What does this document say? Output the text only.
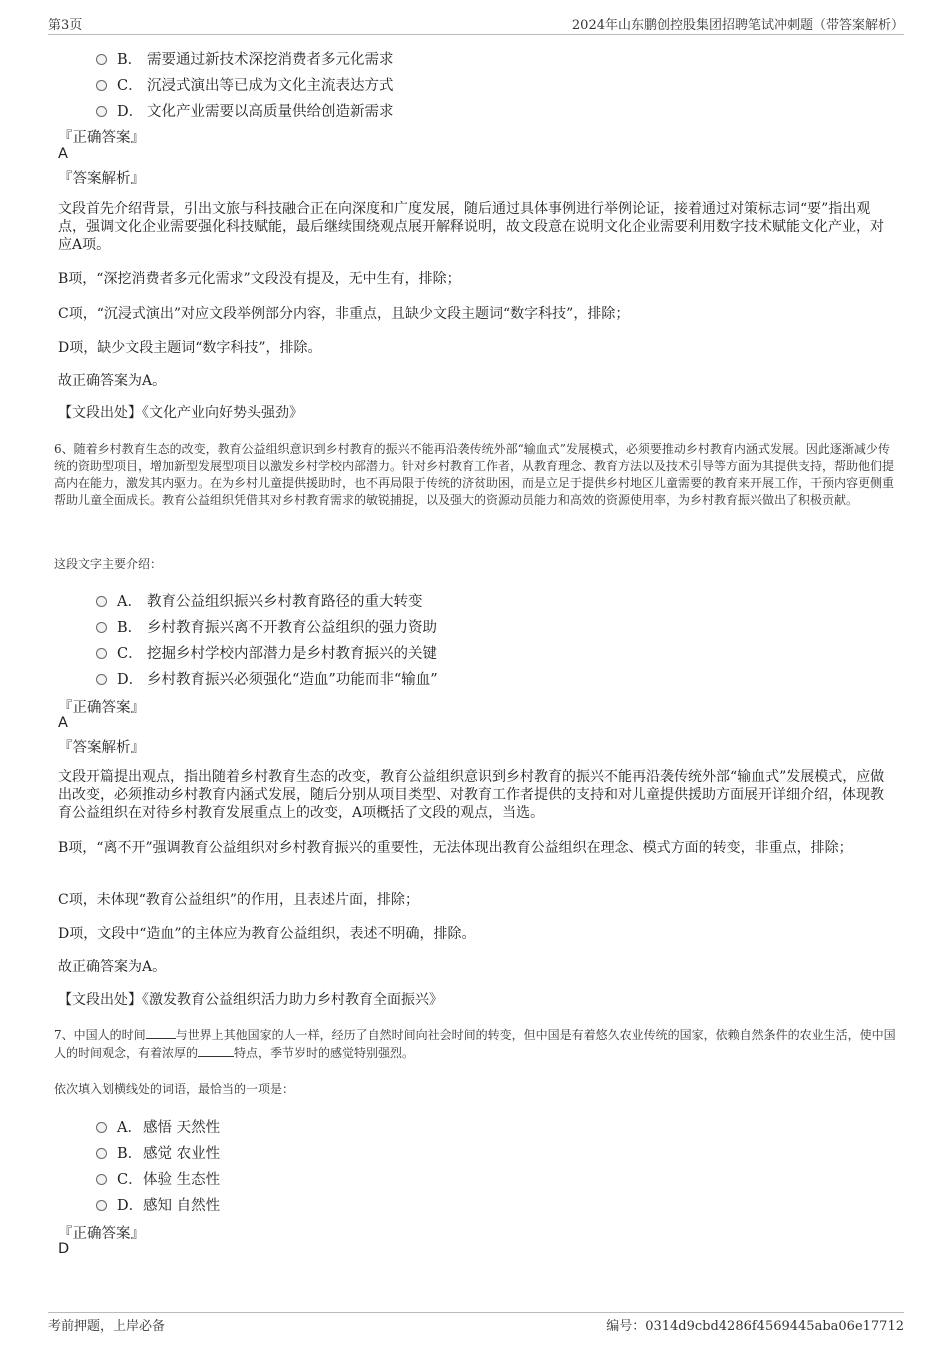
第3页	2024年山东鹏创控股集团招聘笔试冲刺题（带答案解析）
B． 需要通过新技术深挖消费者多元化需求
C． 沉浸式演出等已成为文化主流表达方式
D． 文化产业需要以高质量供给创造新需求
『正确答案』
A
『答案解析』
文段首先介绍背景，引出文旅与科技融合正在向深度和广度发展，随后通过具体事例进行举例论证，接着通过对策标志词“要”指出观点，强调文化企业需要强化科技赋能，最后继续围绕观点展开解释说明，故文段意在说明文化企业需要利用数字技术赋能文化产业，对应A项。
B项，“深挖消费者多元化需求”文段没有提及，无中生有，排除；
C项，“沉浸式演出”对应文段举例部分内容，非重点，且缺少文段主题词“数字科技”，排除；
D项，缺少文段主题词“数字科技”，排除。
故正确答案为A。
【文段出处】《文化产业向好势头强劲》
6、随着乡村教育生态的改变，教育公益组织意识到乡村教育的振兴不能再沿袭传统外部“输血式”发展模式，必须要推动乡村教育内涵式发展。因此逐渐减少传统的资助型项目，增加新型发展型项目以激发乡村学校内部潜力。针对乡村教育工作者，从教育理念、教育方法以及技术引导等方面为其提供支持，帮助他们提高内在能力，激发其内驱力。在为乡村儿童提供援助时，也不再局限于传统的济贫助困，而是立足于提供乡村地区儿童需要的教育来开展工作，干预内容更侧重帮助儿童全面成长。教育公益组织凭借其对乡村教育需求的敏锐捕捉，以及强大的资源动员能力和高效的资源使用率，为乡村教育振兴做出了积极贡献。
这段文字主要介绍：
A． 教育公益组织振兴乡村教育路径的重大转变
B． 乡村教育振兴离不开教育公益组织的强力资助
C． 挖掘乡村学校内部潜力是乡村教育振兴的关键
D． 乡村教育振兴必须强化“造血”功能而非“输血”
『正确答案』
A
『答案解析』
文段开篇提出观点，指出随着乡村教育生态的改变，教育公益组织意识到乡村教育的振兴不能再沿袭传统外部“输血式”发展模式，应做出改变，必须推动乡村教育内涵式发展，随后分别从项目类型、对教育工作者提供的支持和对儿童提供援助方面展开详细介绍，体现教育公益组织在对待乡村教育发展重点上的改变，A项概括了文段的观点，当选。
B项，“离不开”强调教育公益组织对乡村教育振兴的重要性，无法体现出教育公益组织在理念、模式方面的转变，非重点，排除；
C项，未体现“教育公益组织”的作用，且表述片面，排除；
D项，文段中“造血”的主体应为教育公益组织，表述不明确，排除。
故正确答案为A。
【文段出处】《激发教育公益组织活力助力乡村教育全面振兴》
7、中国人的时间	与世界上其他国家的人一样，经历了自然时间向社会时间的转变，但中国是有着悠久农业传统的国家，依赖自然条件的农业生活，使中国人的时间观念，有着浓厚的	特点，季节岁时的感觉特别强烈。
依次填入划横线处的词语，最恰当的一项是：
A．感悟 天然性
B．感觉 农业性
C．体验 生态性
D．感知 自然性
『正确答案』
D
考前押题，上岸必备	编号：0314d9cbd4286f4569445aba06e17712
